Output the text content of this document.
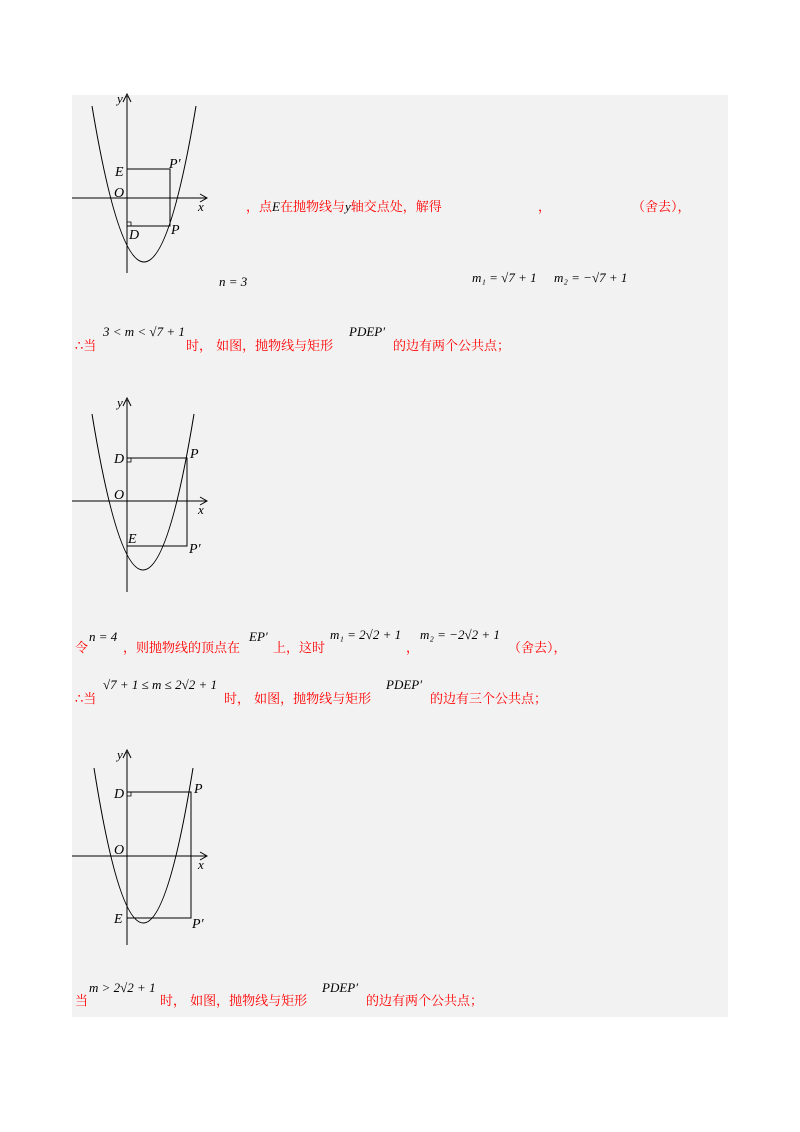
y
x
E
O
D P
P′
，点E在抛物线与y轴交点处，解得	，	（舍去），
n = 3	m₁ = √7 + 1 m₂ = −√7 + 1
∴当
3 < m < √7 + 1
时， 如图，抛物线与矩形
PDEP′
的边有两个公共点；
y
x
D
O
E
P
P′
令
n = 4
，则抛物线的顶点在
EP′
上，这时
m₁ = 2√2 + 1
，
m₂ = −2√2 + 1
（舍去），
∴当
√7 + 1 ≤ m ≤ 2√2 + 1
时， 如图，抛物线与矩形
PDEP′
的边有三个公共点；
y
x
D
O
E
P
P′
当
m > 2√2 + 1
时， 如图，抛物线与矩形
PDEP′
的边有两个公共点；
